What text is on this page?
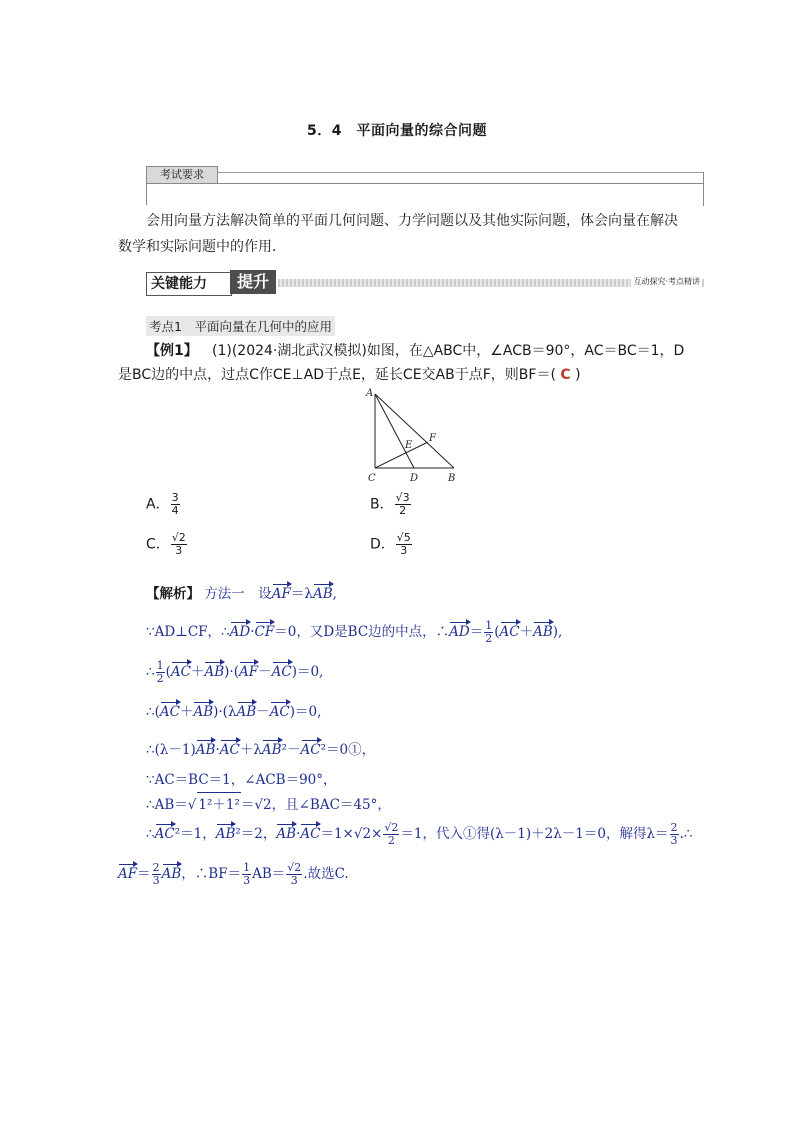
5．4　平面向量的综合问题
考试要求
会用向量方法解决简单的平面几何问题、力学问题以及其他实际问题，体会向量在解决
数学和实际问题中的作用．
关键能力	提升	互动探究·考点精讲
考点1　平面向量在几何中的应用
【例1】 (1)(2024·湖北武汉模拟)如图，在△ABC中，∠ACB＝90°，AC＝BC＝1，D
是BC边的中点，过点C作CE⊥AD于点E，延长CE交AB于点F，则BF＝( C )
A
C	D	B
E
F
A． $\frac{3}{4}$	B． $\frac{√3}{2}$
C． $\frac{√2}{3}$	D． $\frac{√5}{3}$
【解析】 方法一　设AF＝λAB,
∵AD⊥CF，∴AD·CF＝0，又D是BC边的中点，∴AD＝ $\frac{1}{2} (AC+AB)$,
∴ $\frac{1}{2} (AC+AB)\cdot(AF-AC)=0$,
∴(AC＋AB)·(λAB－AC)＝0,
∴(λ－1)AB·AC＋λAB²－AC²＝0①，
∵AC＝BC＝1，∠ACB＝90°，
∴AB＝√ 1²＋1²＝√2，且∠BAC＝45°，
∴AC²＝1，AB²＝2，$AB\cdot AC=1\times√2\times \frac{√2}{2} =1$，代入①得(λ－1)＋2λ－1＝0，解得$\lambda= \frac{2}{3}$ .∴
$AF= \frac{2}{3}$ AB，∴BF＝ $\frac{1}{3} AB= \frac{√2}{3}$ .故选C.
